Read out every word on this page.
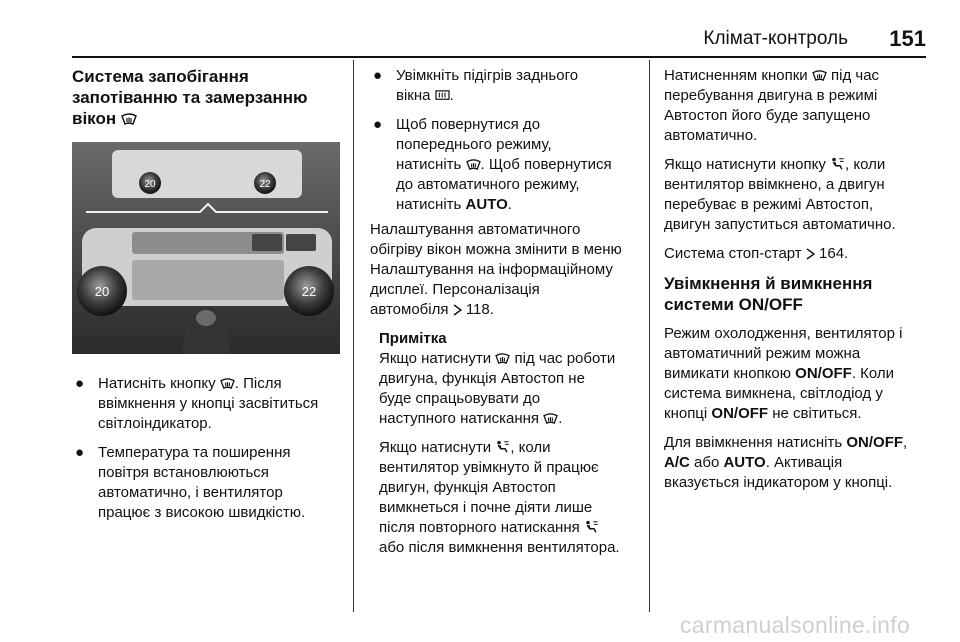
Клімат-контроль 151

Система запобігання
запотіванню та замерзанню
вікон

20	22
20	22

● Натисніть кнопку . Після
ввімкнення у кнопці засвітиться
світлоіндикатор.

● Температура та поширення
повітря встановлюються
автоматично, і вентилятор
працює з високою швидкістю.

● Увімкніть підігрів заднього
вікна .

● Щоб повернутися до
попереднього режиму,
натисніть . Щоб повернутися
до автоматичного режиму,
натисніть AUTO.

Налаштування автоматичного
обігріву вікон можна змінити в меню
Налаштування на інформаційному
дисплеї. Персоналізація
автомобіля 118.

Примітка

Якщо натиснути під час роботи
двигуна, функція Автостоп не
буде спрацьовувати до
наступного натискання .

Якщо натиснути , коли
вентилятор увімкнуто й працює
двигун, функція Автостоп
вимкнеться і почне діяти лише
після повторного натискання
або після вимкнення вентилятора.

Натисненням кнопки під час
перебування двигуна в режимі
Автостоп його буде запущено
автоматично.

Якщо натиснути кнопку , коли
вентилятор ввімкнено, а двигун
перебуває в режимі Автостоп,
двигун запуститься автоматично.

Система стоп-старт 164.

Увімкнення й вимкнення
системи ON/OFF

Режим охолодження, вентилятор і
автоматичний режим можна
вимикати кнопкою ON/OFF. Коли
система вимкнена, світлодіод у
кнопці ON/OFF не світиться.

Для ввімкнення натисніть ON/OFF,
A/C або AUTO. Активація
вказується індикатором у кнопці.

carmanualsonline.info
